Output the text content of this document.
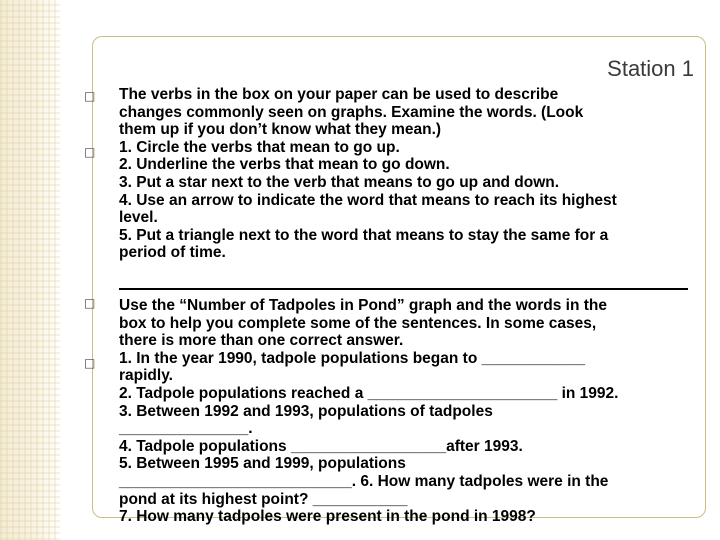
Station 1
□
□
□
□
The verbs in the box on your paper can be used to describe
changes commonly seen on graphs. Examine the words. (Look
them up if you don’t know what they mean.)
1. Circle the verbs that mean to go up.
2. Underline the verbs that mean to go down.
3. Put a star next to the verb that means to go up and down.
4. Use an arrow to indicate the word that means to reach its highest
level.
5. Put a triangle next to the word that means to stay the same for a
period of time.
Use the “Number of Tadpoles in Pond” graph and the words in the
box to help you complete some of the sentences. In some cases,
there is more than one correct answer.
1. In the year 1990, tadpole populations began to ____________
rapidly.
2. Tadpole populations reached a ______________________ in 1992.
3. Between 1992 and 1993, populations of tadpoles
_______________.
4. Tadpole populations __________________after 1993.
5. Between 1995 and 1999, populations
___________________________. 6. How many tadpoles were in the
pond at its highest point? ___________
7. How many tadpoles were present in the pond in 1998?
